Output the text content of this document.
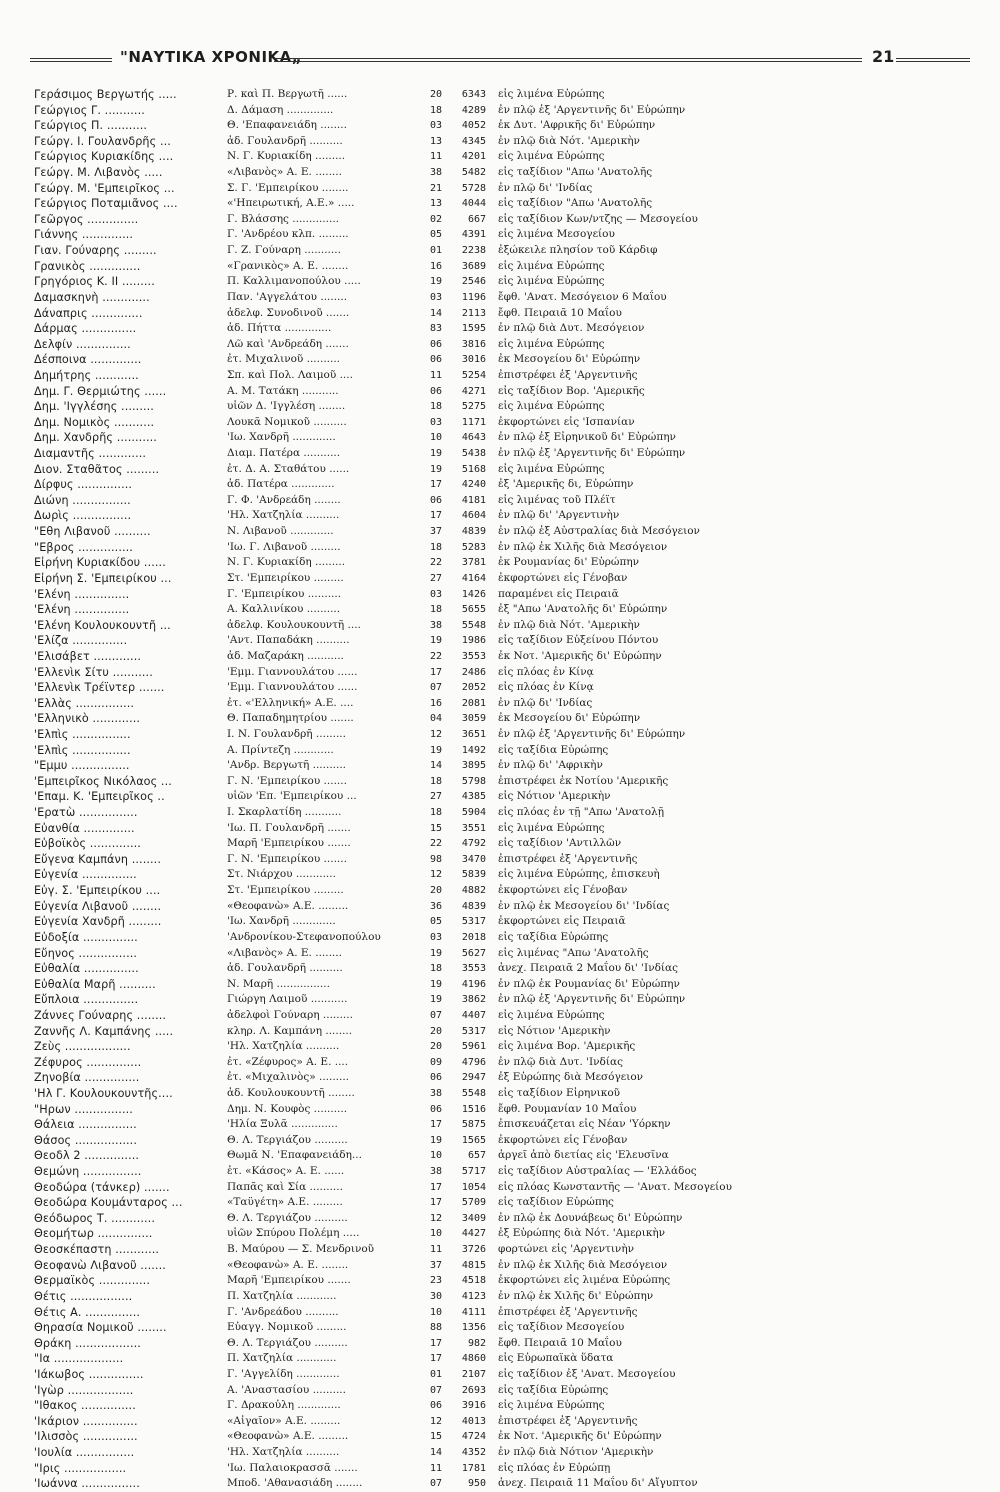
"ΝΑΥΤΙΚΑ ΧΡΟΝΙΚΑ„	21
Γεράσιμος Βεργωτής .....	Ρ. καὶ Π. Βεργωτῆ ......	20	6343	εἰς λιμένα Εὐρώπης
Γεώργιος Γ. ...........	Δ. Δάμαση ..............	18	4289	ἐν πλῷ ἐξ 'Αργεντινῆς δι' Εὐρώπην
Γεώργιος Π. ...........	Θ. 'Επαφανειάδη ........	03	4052	ἐκ Δυτ. 'Αφρικῆς δι' Εὐρώπην
Γεώργ. Ι. Γουλανδρῆς ...	ἀδ. Γουλανδρῆ ..........	13	4345	ἐν πλῷ διὰ Νότ. 'Αμερικὴν
Γεώργιος Κυριακίδης ....	Ν. Γ. Κυριακίδη .........	11	4201	εἰς λιμένα Εὐρώπης
Γεώργ. Μ. Λιβανὸς .....	«Λιβανὸς» Α. Ε. ........	38	5482	εἰς ταξίδιον "Απω 'Ανατολῆς
Γεώργ. Μ. 'Εμπειρῖκος ...	Σ. Γ. 'Εμπειρίκου ........	21	5728	ἐν πλῷ δι' 'Ινδίας
Γεώργιος Ποταμιᾶνος ....	«'Ηπειρωτική, Α.Ε.» .....	13	4044	εἰς ταξίδιον "Απω 'Ανατολῆς
Γεῶργος ..............	Γ. Βλάσσης ..............	02	667	εἰς ταξίδιον Κων/ντζης — Μεσογείου
Γιάννης ..............	Γ. 'Ανδρέου κλπ. .........	05	4391	εἰς λιμένα Μεσογείου
Γιαν. Γούναρης .........	Γ. Ζ. Γούναρη ...........	01	2238	ἐξώκειλε πλησίον τοῦ Κάρδιφ
Γρανικὸς ..............	«Γρανικὸς» Α. Ε. ........	16	3689	εἰς λιμένα Εὐρώπης
Γρηγόριος Κ. ΙΙ .........	Π. Καλλιμανοπούλου .....	19	2546	εἰς λιμένα Εὐρώπης
Δαμασκηνὴ .............	Παν. 'Αγγελάτου ........	03	1196	ἔφθ. 'Ανατ. Μεσόγειον 6 Μαΐου
Δάναπρις ..............	ἀδελφ. Συνοδινοῦ .......	14	2113	ἔφθ. Πειραιᾶ 10 Μαΐου
Δάρμας ...............	ἀδ. Πήττα ..............	83	1595	ἐν πλῷ διὰ Δυτ. Μεσόγειον
Δελφίν ...............	Λῶ καὶ 'Ανδρεάδη .......	06	3816	εἰς λιμένα Εὐρώπης
Δέσποινα ..............	ἐτ. Μιχαλινοῦ ..........	06	3016	ἐκ Μεσογείου δι' Εὐρώπην
Δημήτρης ............	Σπ. καὶ Πολ. Λαιμοῦ ....	11	5254	ἐπιστρέφει ἐξ 'Αργεντινῆς
Δημ. Γ. Θερμιώτης ......	Α. Μ. Τατάκη ...........	06	4271	εἰς ταξίδιον Βορ. 'Αμερικῆς
Δημ. 'Ιγγλέσης .........	υἱῶν Δ. 'Ιγγλέση ........	18	5275	εἰς λιμένα Εὐρώπης
Δημ. Νομικὸς ...........	Λουκᾶ Νομικοῦ ..........	03	1171	ἐκφορτώνει εἰς 'Ισπανίαν
Δημ. Χανδρῆς ...........	'Ιω. Χανδρῆ .............	10	4643	ἐν πλῷ ἐξ Εἰρηνικοῦ δι' Εὐρώπην
Διαμαντῆς .............	Διαμ. Πατέρα ...........	19	5438	ἐν πλῷ ἐξ 'Αργεντινῆς δι' Εὐρώπην
Διον. Σταθᾶτος .........	ἐτ. Δ. Α. Σταθάτου ......	19	5168	εἰς λιμένα Εὐρώπης
Δίρφυς ...............	ἀδ. Πατέρα .............	17	4240	ἐξ 'Αμερικῆς δι, Εὐρώπην
Διώνη ................	Γ. Φ. 'Ανδρεάδη ........	06	4181	εἰς λιμένας τοῦ Πλέϊτ
Δωρὶς ................	'Ηλ. Χατζηλία ..........	17	4604	ἐν πλῷ δι' 'Αργεντινὴν
"Εθη Λιβανοῦ ..........	Ν. Λιβανοῦ .............	37	4839	ἐν πλῷ ἐξ Αὐστραλίας διὰ Μεσόγειον
"Εβρος ...............	'Ιω. Γ. Λιβανοῦ .........	18	5283	ἐν πλῷ ἐκ Χιλῆς διὰ Μεσόγειον
Εἰρήνη Κυριακίδου ......	Ν. Γ. Κυριακίδη .........	22	3781	ἐκ Ρουμανίας δι' Εὐρώπην
Εἰρήνη Σ. 'Εμπειρίκου ...	Στ. 'Εμπειρίκου .........	27	4164	ἐκφορτώνει εἰς Γένοβαν
'Ελένη ...............	Γ. 'Εμπειρίκου ..........	03	1426	παραμένει εἰς Πειραιᾶ
'Ελένη ...............	Α. Καλλινίκου ..........	18	5655	ἐξ "Απω 'Ανατολῆς δι' Εὐρώπην
'Ελένη Κουλουκουντῆ ...	ἀδελφ. Κουλουκουντῆ ....	38	5548	ἐν πλῷ διὰ Νότ. 'Αμερικὴν
'Ελίζα ...............	'Αντ. Παπαδάκη ..........	19	1986	εἰς ταξίδιον Εὐξείνου Πόντου
'Ελισάβετ .............	ἀδ. Μαζαράκη ...........	22	3553	ἐκ Νοτ. 'Αμερικῆς δι' Εὐρώπην
'Ελλενὶκ Σίτυ ...........	'Εμμ. Γιαννουλάτου ......	17	2486	εἰς πλόας ἐν Κίνᾳ
'Ελλενὶκ Τρέϊντερ .......	'Εμμ. Γιαννουλάτου ......	07	2052	εἰς πλόας ἐν Κίνᾳ
'Ελλὰς ................	ἐτ. «'Ελληνική» Α.Ε. ....	16	2081	ἐν πλῷ δι' 'Ινδίας
'Ελληνικὸ .............	Θ. Παπαδημητρίου .......	04	3059	ἐκ Μεσογείου δι' Εὐρώπην
'Ελπὶς ................	Ι. Ν. Γουλανδρῆ .........	12	3651	ἐν πλῷ ἐξ 'Αργεντινῆς δι' Εὐρώπην
'Ελπὶς ................	Α. Πρίντεζη ............	19	1492	εἰς ταξίδια Εὐρώπης
"Εμμυ ................	'Ανδρ. Βεργωτῆ ..........	14	3895	ἐν πλῷ δι' 'Αφρικὴν
'Εμπειρῖκος Νικόλαος ...	Γ. Ν. 'Εμπειρίκου .......	18	5798	ἐπιστρέφει ἐκ Νοτίου 'Αμερικῆς
'Επαμ. Κ. 'Εμπειρῖκος ..	υἱῶν 'Επ. 'Εμπειρίκου ...	27	4385	εἰς Νότιον 'Αμερικὴν
'Ερατὼ ................	Ι. Σκαρλατίδη ...........	18	5904	εἰς πλόας ἐν τῇ "Απω 'Ανατολῇ
Εὐανθία ..............	'Ιω. Π. Γουλανδρῆ .......	15	3551	εἰς λιμένα Εὐρώπης
Εὐβοϊκὸς ..............	Μαρῆ 'Εμπειρίκου .......	22	4792	εἰς ταξίδιον 'Αντιλλῶν
Εὔγενα Καμπάνη ........	Γ. Ν. 'Εμπειρίκου .......	98	3470	ἐπιστρέφει ἐξ 'Αργεντινῆς
Εὐγενία ...............	Στ. Νιάρχου ............	12	5839	εἰς λιμένα Εὐρώπης, ἐπισκευὴ
Εὐγ. Σ. 'Εμπειρίκου ....	Στ. 'Εμπειρίκου .........	20	4882	ἐκφορτώνει εἰς Γένοβαν
Εὐγενία Λιβανοῦ ........	«Θεοφανὼ» Α.Ε. .........	36	4839	ἐν πλῷ ἐκ Μεσογείου δι' 'Ινδίας
Εὐγενία Χανδρῆ .........	'Ιω. Χανδρῆ .............	05	5317	ἐκφορτώνει εἰς Πειραιᾶ
Εὐδοξία ...............	'Ανδρονίκου-Στεφανοπούλου	03	2018	εἰς ταξίδια Εὐρώπης
Εὔηνος ................	«Λιβανὸς» Α. Ε. ........	19	5627	εἰς λιμένας "Απω 'Ανατολῆς
Εὐθαλία ...............	ἀδ. Γουλανδρῆ ..........	18	3553	ἀνεχ. Πειραιᾶ 2 Μαΐου δι' 'Ινδίας
Εὐθαλία Μαρῆ ..........	Ν. Μαρῆ ................	19	4196	ἐν πλῷ ἐκ Ρουμανίας δι' Εὐρώπην
Εὔπλοια ...............	Γιώργη Λαιμοῦ ...........	19	3862	ἐν πλῷ ἐξ 'Αργεντινῆς δι' Εὐρώπην
Ζάννες Γούναρης ........	ἀδελφοὶ Γούναρη .........	07	4407	εἰς λιμένα Εὐρώπης
Ζαννῆς Λ. Καμπάνης .....	κληρ. Λ. Καμπάνη ........	20	5317	εἰς Νότιον 'Αμερικὴν
Ζεὺς ..................	'Ηλ. Χατζηλία ..........	20	5961	εἰς λιμένα Βορ. 'Αμερικῆς
Ζέφυρος ...............	ἐτ. «Ζέφυρος» Α. Ε. ....	09	4796	ἐν πλῷ διὰ Δυτ. 'Ινδίας
Ζηνοβία ...............	ἐτ. «Μιχαλινὸς» .........	06	2947	ἐξ Εὐρώπης διὰ Μεσόγειον
'Ηλ Γ. Κουλουκουντῆς....	ἀδ. Κουλουκουντῆ ........	38	5548	εἰς ταξίδιον Εἰρηνικοῦ
"Ηρων ................	Δημ. Ν. Κουφὸς ..........	06	1516	ἔφθ. Ρουμανίαν 10 Μαΐου
Θάλεια ................	'Ηλία Ξυλᾶ ..............	17	5875	ἐπισκευάζεται εἰς Νέαν 'Υόρκην
Θάσος .................	Θ. Λ. Τεργιάζου ..........	19	1565	ἐκφορτώνει εἰς Γένοβαν
Θεοδλ 2 ...............	Θωμᾶ Ν. 'Επαφανειάδη...	10	657	ἀργεῖ ἀπὸ διετίας εἰς 'Ελευσῖνα
Θεμώνη ................	ἐτ. «Κάσος» Α. Ε. ......	38	5717	εἰς ταξίδιον Αὐστραλίας — 'Ελλάδος
Θεοδώρα (τάνκερ) .......	Παπᾶς καὶ Σία ..........	17	1054	εἰς πλόας Κωνσταντῆς — 'Ανατ. Μεσογείου
Θεοδώρα Κουμάνταρος ...	«Ταϋγέτη» Α.Ε. .........	17	5709	εἰς ταξίδιον Εὐρώπης
Θεόδωρος Τ. ............	Θ. Λ. Τεργιάζου ..........	12	3409	ἐν πλῷ ἐκ Δουνάβεως δι' Εὐρώπην
Θεομήτωρ ...............	υἱῶν Σπύρου Πολέμη .....	10	4427	ἐξ Εὐρώπης διὰ Νότ. 'Αμερικὴν
Θεοσκέπαστη ............	Β. Μαύρου — Σ. Μενδρινοῦ	11	3726	φορτώνει εἰς 'Αργεντινὴν
Θεοφανὼ Λιβανοῦ .......	«Θεοφανὼ» Α. Ε. ........	37	4815	ἐν πλῷ ἐκ Χιλῆς διὰ Μεσόγειον
Θερμαϊκὸς ..............	Μαρῆ 'Εμπειρίκου .......	23	4518	ἐκφορτώνει εἰς λιμένα Εὐρώπης
Θέτις .................	Π. Χατζηλία ............	30	4123	ἐν πλῷ ἐκ Χιλῆς δι' Εὐρώπην
Θέτις Α. ...............	Γ. 'Ανδρεάδου ..........	10	4111	ἐπιστρέφει ἐξ 'Αργεντινῆς
Θηρασία Νομικοῦ ........	Εὐαγγ. Νομικοῦ .........	88	1356	εἰς ταξίδιον Μεσογείου
Θράκη ..................	Θ. Λ. Τεργιάζου ..........	17	982	ἔφθ. Πειραιᾶ 10 Μαΐου
"Ια ...................	Π. Χατζηλία ............	17	4860	εἰς Εὐρωπαϊκὰ ὕδατα
'Ιάκωβος ...............	Γ. 'Αγγελίδη .............	01	2107	εἰς ταξίδιον ἐξ 'Ανατ. Μεσογείου
'Ιγὼρ ..................	Α. 'Αναστασίου ..........	07	2693	εἰς ταξίδια Εὐρώπης
"Ιθακος ...............	Γ. Δρακοὐλη .............	06	3916	εἰς λιμένα Εὐρώπης
'Ικάριον ...............	«Αἰγαῖον» Α.Ε. .........	12	4013	ἐπιστρέφει ἐξ 'Αργεντινῆς
'Ιλισσὸς ...............	«Θεοφανὼ» Α.Ε. .........	15	4724	ἐκ Νοτ. 'Αμερικῆς δι' Εὐρώπην
'Ιουλία ................	'Ηλ. Χατζηλία ..........	14	4352	ἐν πλῷ διὰ Νότιον 'Αμερικὴν
"Ιρις .................	'Ιω. Παλαιοκρασσᾶ .......	11	1781	εἰς πλόας ἐν Εὐρώπῃ
'Ιωάννα ................	Μποδ. 'Αθανασιάδη ........	07	950	ἀνεχ. Πειραιᾶ 11 Μαΐου δι' Αἴγυπτον
